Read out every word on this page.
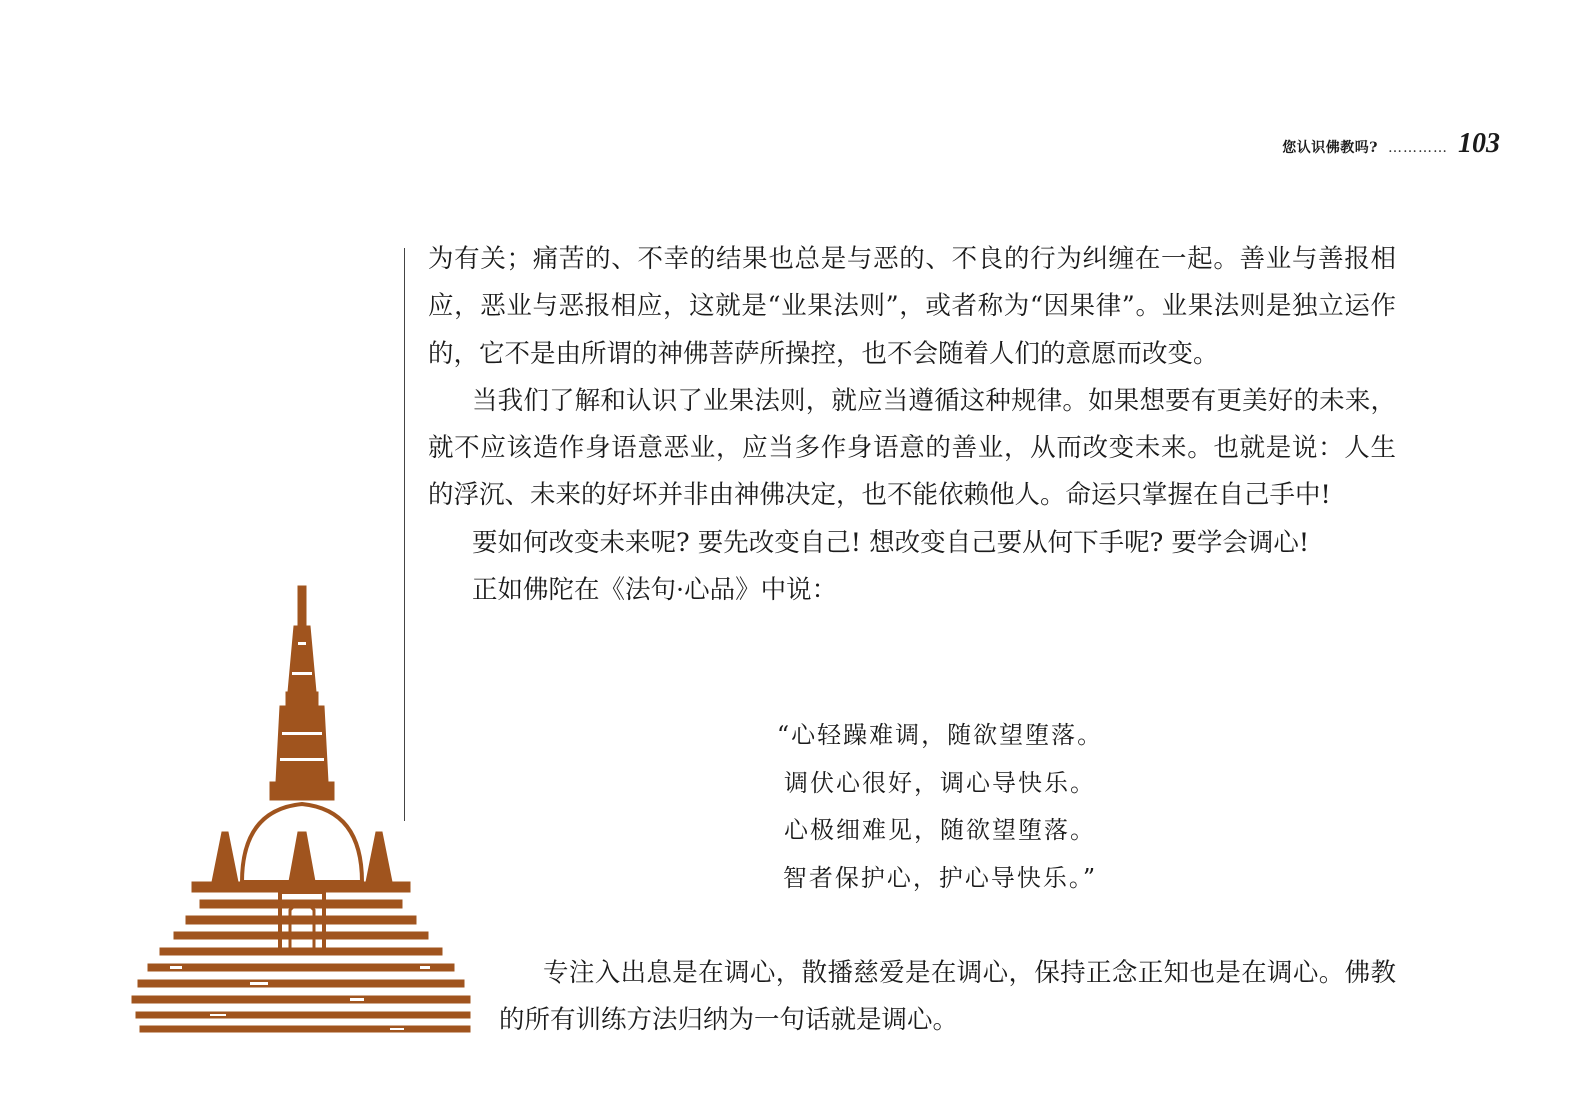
您认识佛教吗? ………… 103

为有关；痛苦的、不幸的结果也总是与恶的、不良的行为纠缠在一起。善业与善报相应，恶业与恶报相应，这就是“业果法则”，或者称为“因果律”。业果法则是独立运作的，它不是由所谓的神佛菩萨所操控，也不会随着人们的意愿而改变。

当我们了解和认识了业果法则，就应当遵循这种规律。如果想要有更美好的未来，就不应该造作身语意恶业，应当多作身语意的善业，从而改变未来。也就是说：人生的浮沉、未来的好坏并非由神佛决定，也不能依赖他人。命运只掌握在自己手中!

要如何改变未来呢? 要先改变自己! 想改变自己要从何下手呢? 要学会调心!

正如佛陀在《法句·心品》中说：

“心轻躁难调，随欲望堕落。
调伏心很好，调心导快乐。
心极细难见，随欲望堕落。
智者保护心，护心导快乐。”

专注入出息是在调心，散播慈爱是在调心，保持正念正知也是在调心。佛教的所有训练方法归纳为一句话就是调心。
